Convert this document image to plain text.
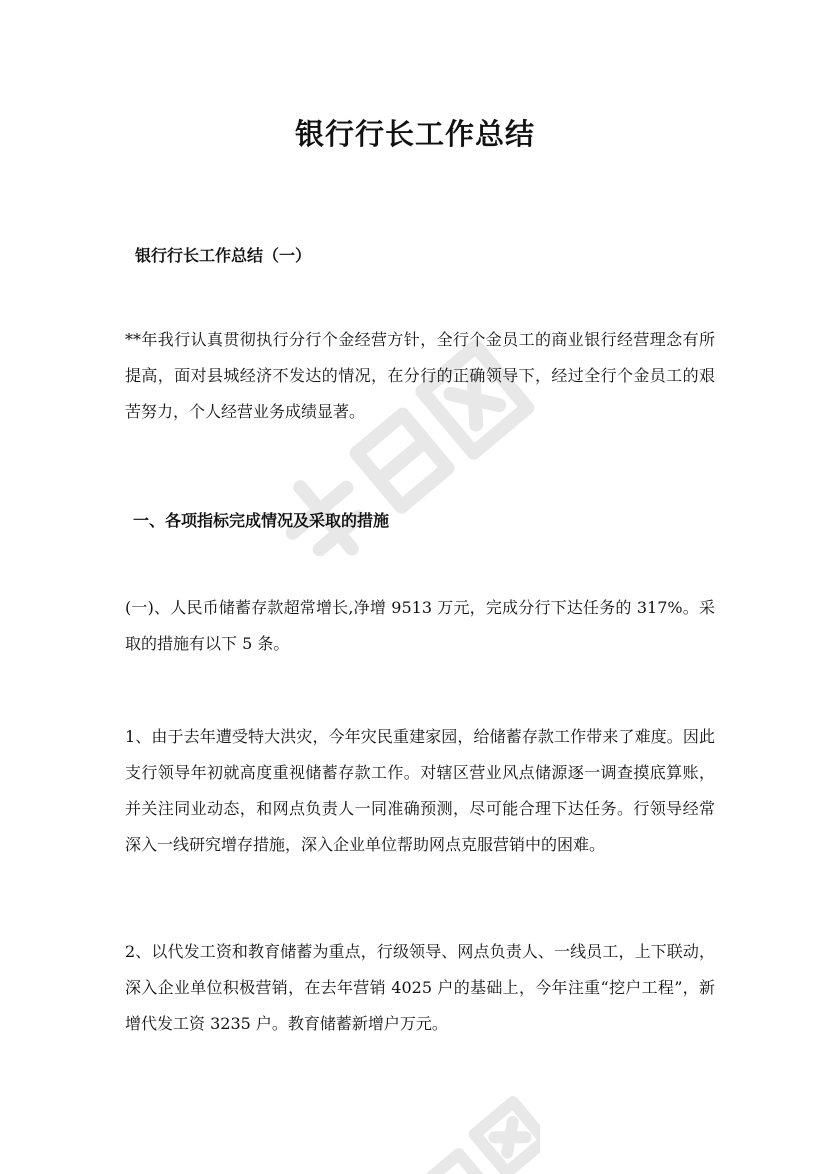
银行行长工作总结
银行行长工作总结（一）

**年我行认真贯彻执行分行个金经营方针，全行个金员工的商业银行经营理念有所提高，面对县城经济不发达的情况，在分行的正确领导下，经过全行个金员工的艰苦努力，个人经营业务成绩显著。

一、各项指标完成情况及采取的措施

(一)、人民币储蓄存款超常增长,净增 9513 万元，完成分行下达任务的 317%。采取的措施有以下 5 条。

1、由于去年遭受特大洪灾，今年灾民重建家园，给储蓄存款工作带来了难度。因此支行领导年初就高度重视储蓄存款工作。对辖区营业风点储源逐一调查摸底算账，并关注同业动态，和网点负责人一同准确预测，尽可能合理下达任务。行领导经常深入一线研究增存措施，深入企业单位帮助网点克服营销中的困难。

2、以代发工资和教育储蓄为重点，行级领导、网点负责人、一线员工，上下联动，深入企业单位积极营销，在去年营销 4025 户的基础上，今年注重“挖户工程”，新增代发工资 3235 户。教育储蓄新增户万元。
